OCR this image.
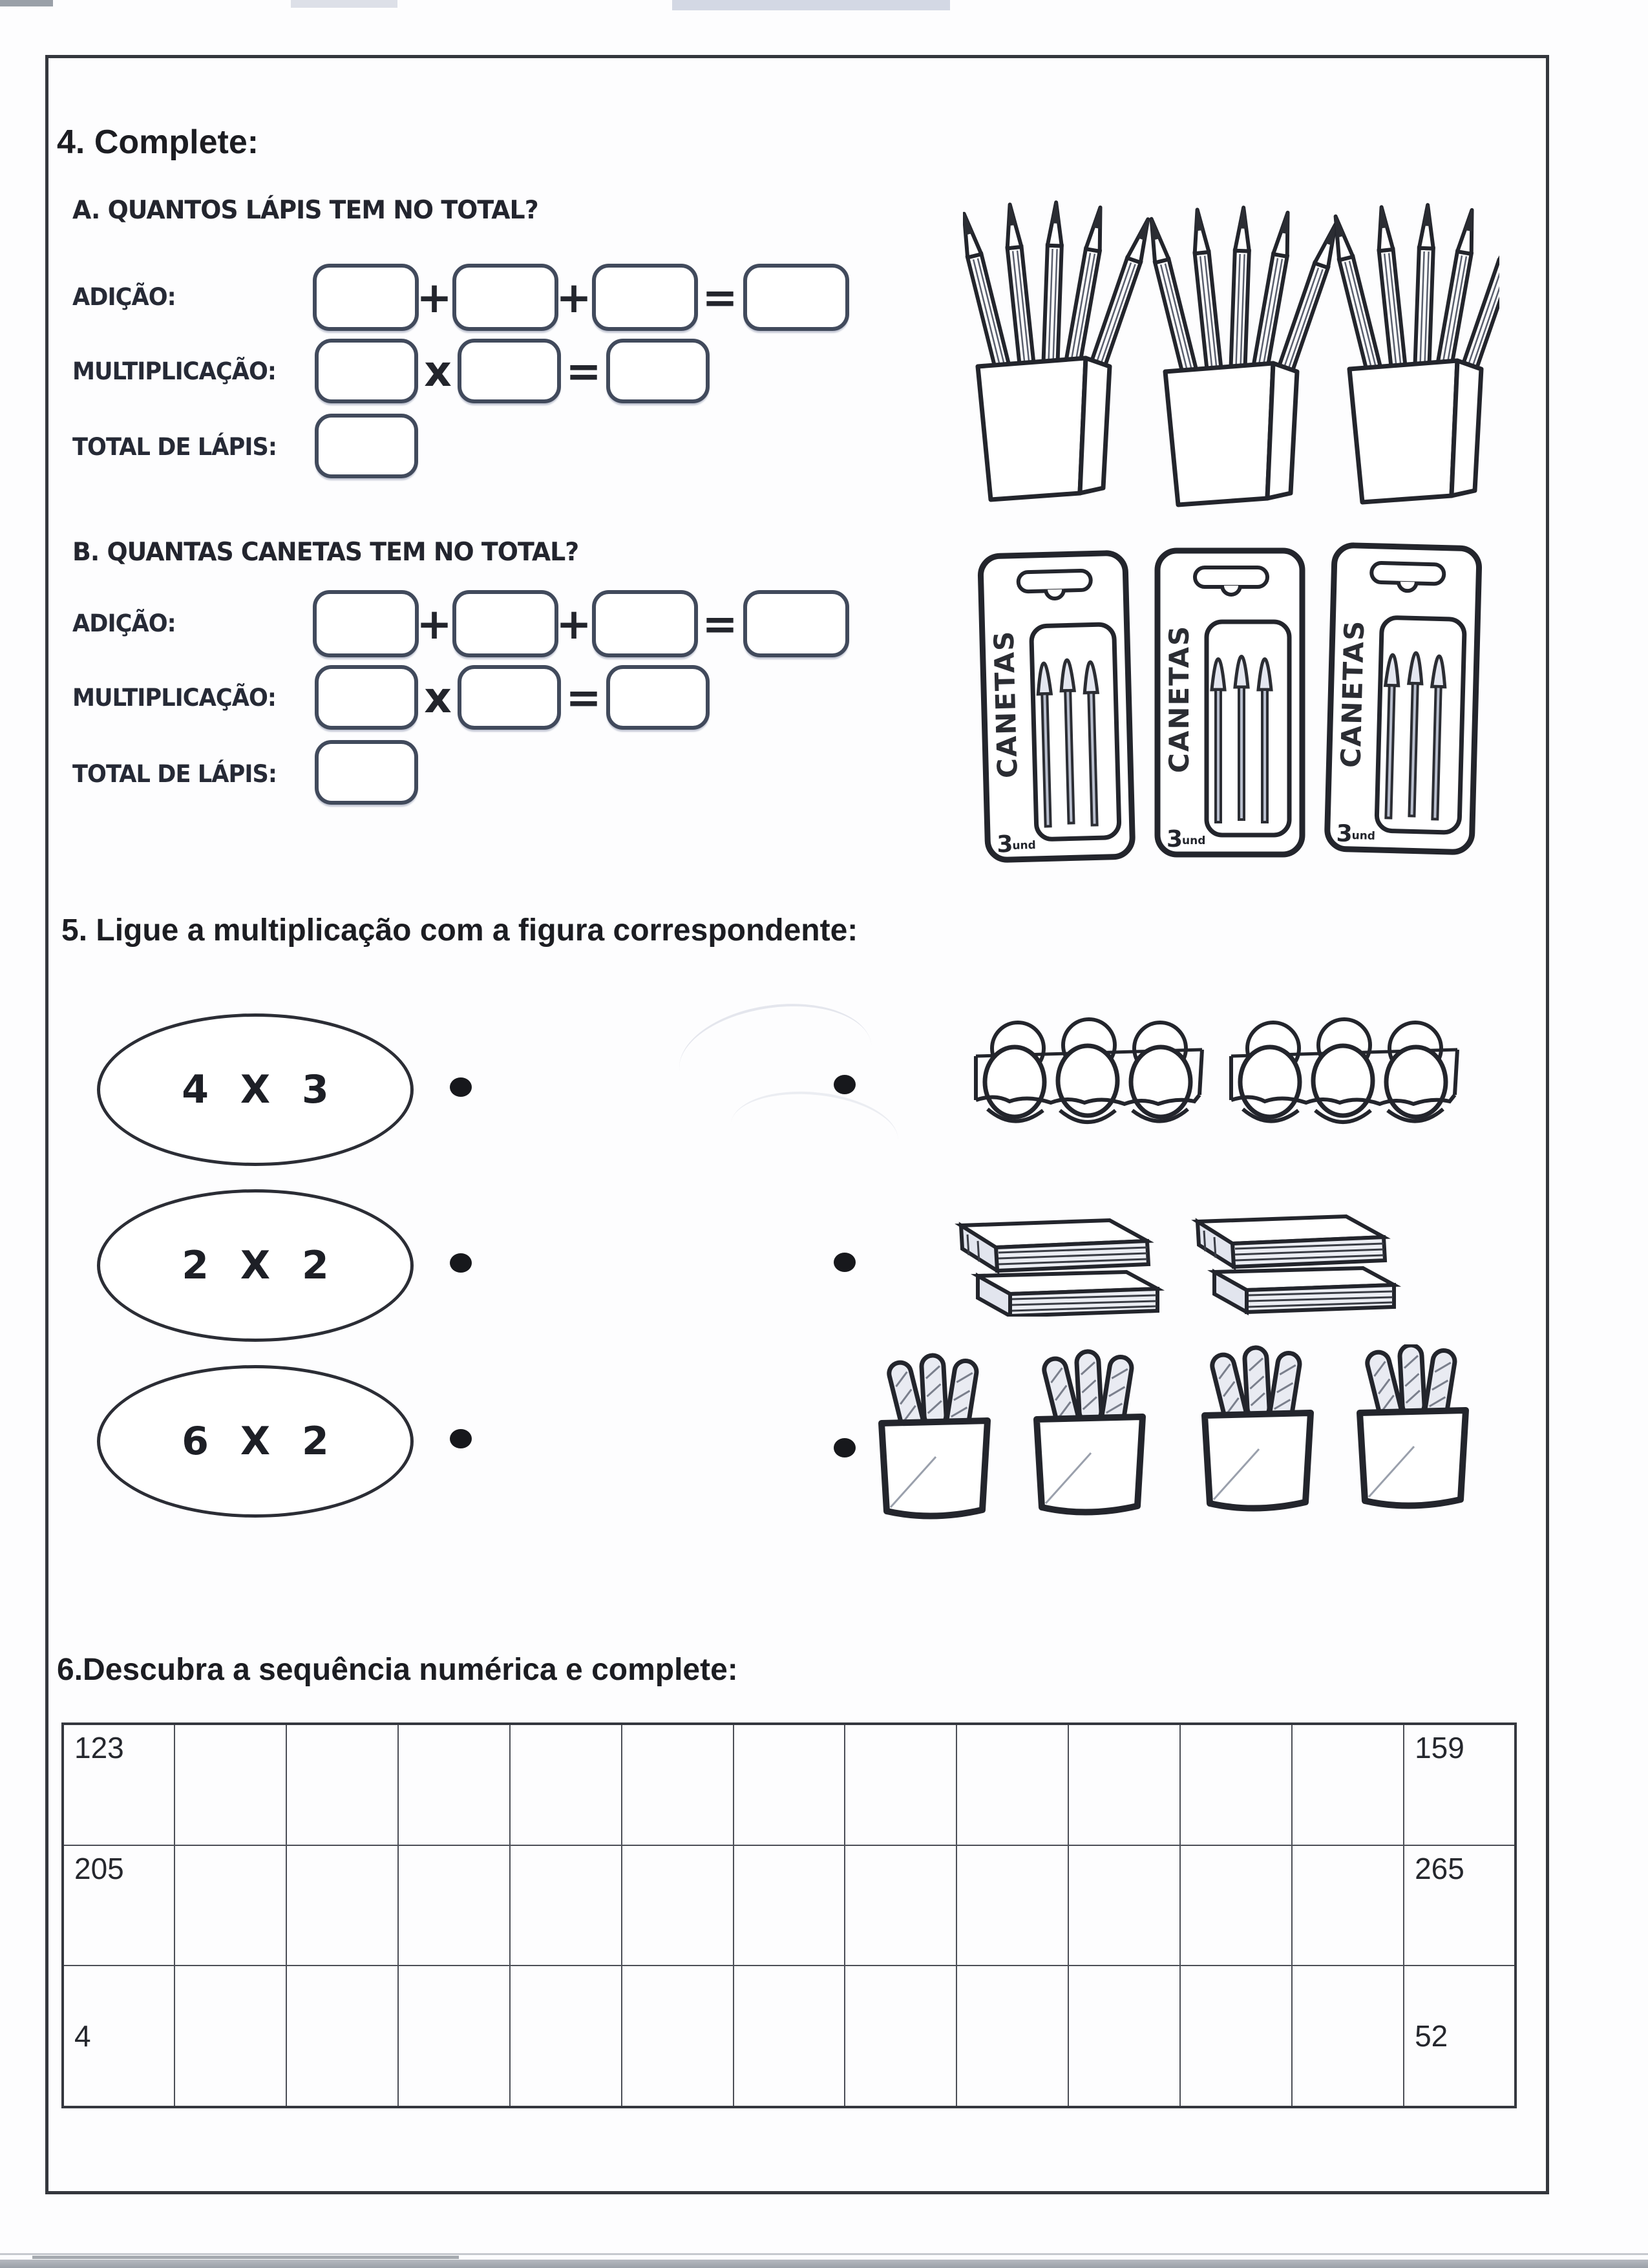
4. Complete:
A. QUANTOS LÁPIS TEM NO TOTAL?
ADIÇÃO:	+ +	=
MULTIPLICAÇÃO:	x	=
TOTAL DE LÁPIS:
B. QUANTAS CANETAS TEM NO TOTAL?
ADIÇÃO:	+ +	=
MULTIPLICAÇÃO:	x	=
TOTAL DE LÁPIS:
5. Ligue a multiplicação com a figura correspondente:
4 X 3
2 X 2
6 X 2
6.Descubra a sequência numérica e complete:
123												159
205												265
4												52
